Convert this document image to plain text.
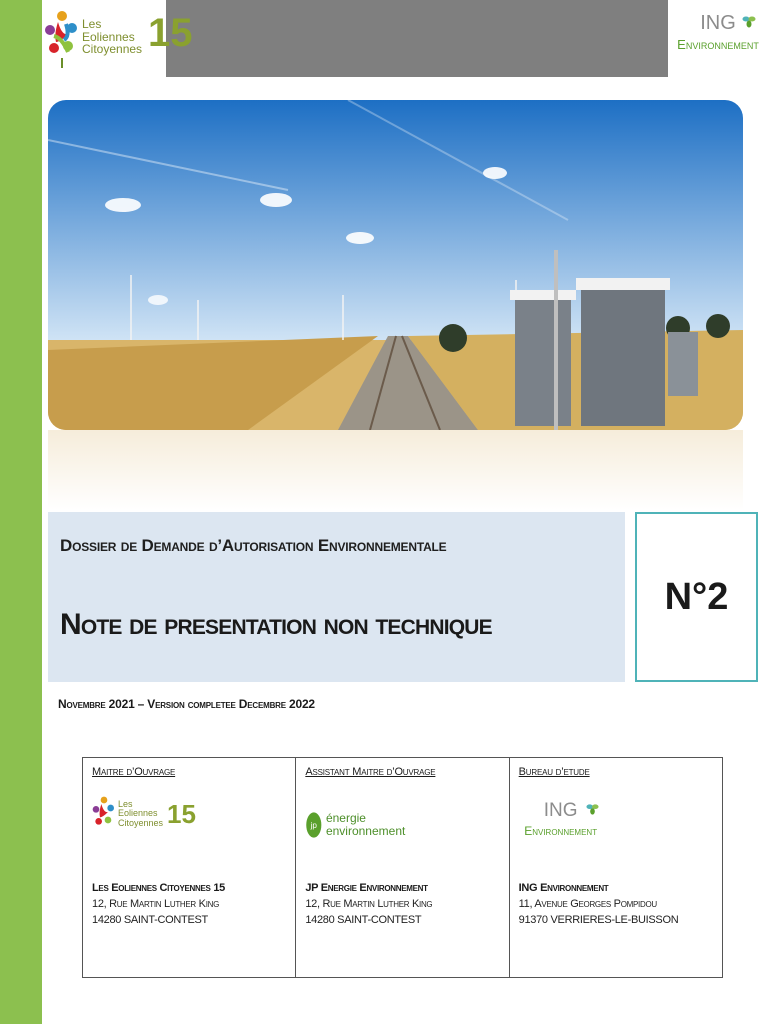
Les
Eoliennes
Citoyennes 15	ING
Environnement
Dossier de Demande d’Autorisation Environnementale
Note de presentation non technique
N°2
Novembre 2021 – Version completee Decembre 2022
Maitre d’Ouvrage
Les
Eoliennes
Citoyennes 15
Les Eoliennes Citoyennes 15
12, Rue Martin Luther King
14280 SAINT-CONTEST
Assistant Maitre d’Ouvrage
jp
énergie
environnement
JP Energie Environnement
12, Rue Martin Luther King
14280 SAINT-CONTEST
Bureau d’etude
ING
Environnement
ING Environnement
11, Avenue Georges Pompidou
91370 VERRIERES-LE-BUISSON
